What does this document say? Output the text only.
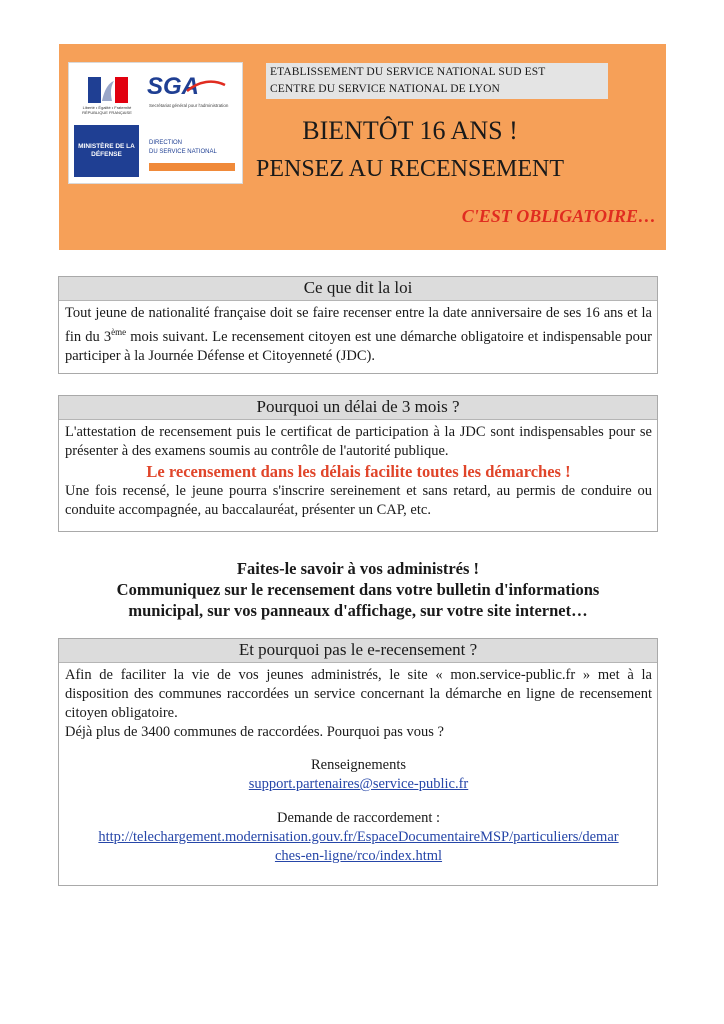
Liberté • Égalité • Fraternité RÉPUBLIQUE FRANÇAISE
MINISTÈRE DE LA DÉFENSE
SGA
Secrétariat général pour l'administration
DIRECTION
DU SERVICE NATIONAL
ETABLISSEMENT DU SERVICE NATIONAL SUD EST
CENTRE DU SERVICE NATIONAL DE LYON
BIENTÔT 16 ANS !
PENSEZ AU RECENSEMENT
C'EST OBLIGATOIRE…
Ce que dit la loi
Tout jeune de nationalité française doit se faire recenser entre la date anniversaire de ses 16 ans et la fin du 3ème mois suivant. Le recensement citoyen est une démarche obligatoire et indispensable pour participer à la Journée Défense et Citoyenneté (JDC).
Pourquoi un délai de 3 mois ?
L'attestation de recensement puis le certificat de participation à la JDC sont indispensables pour se présenter à des examens soumis au contrôle de l'autorité publique.
Le recensement dans les délais facilite toutes les démarches !
Une fois recensé, le jeune pourra s'inscrire sereinement et sans retard, au permis de conduire ou conduite accompagnée, au baccalauréat, présenter un CAP, etc.
Faites-le savoir à vos administrés !
Communiquez sur le recensement dans votre bulletin d'informations
municipal, sur vos panneaux d'affichage, sur votre site internet…
Et pourquoi pas le e-recensement ?
Afin de faciliter la vie de vos jeunes administrés, le site « mon.service-public.fr » met à la disposition des communes raccordées un service concernant la démarche en ligne de recensement citoyen obligatoire.
Déjà plus de 3400 communes de raccordées. Pourquoi pas vous ?
Renseignements
support.partenaires@service-public.fr
Demande de raccordement :
http://telechargement.modernisation.gouv.fr/EspaceDocumentaireMSP/particuliers/demar
ches-en-ligne/rco/index.html
